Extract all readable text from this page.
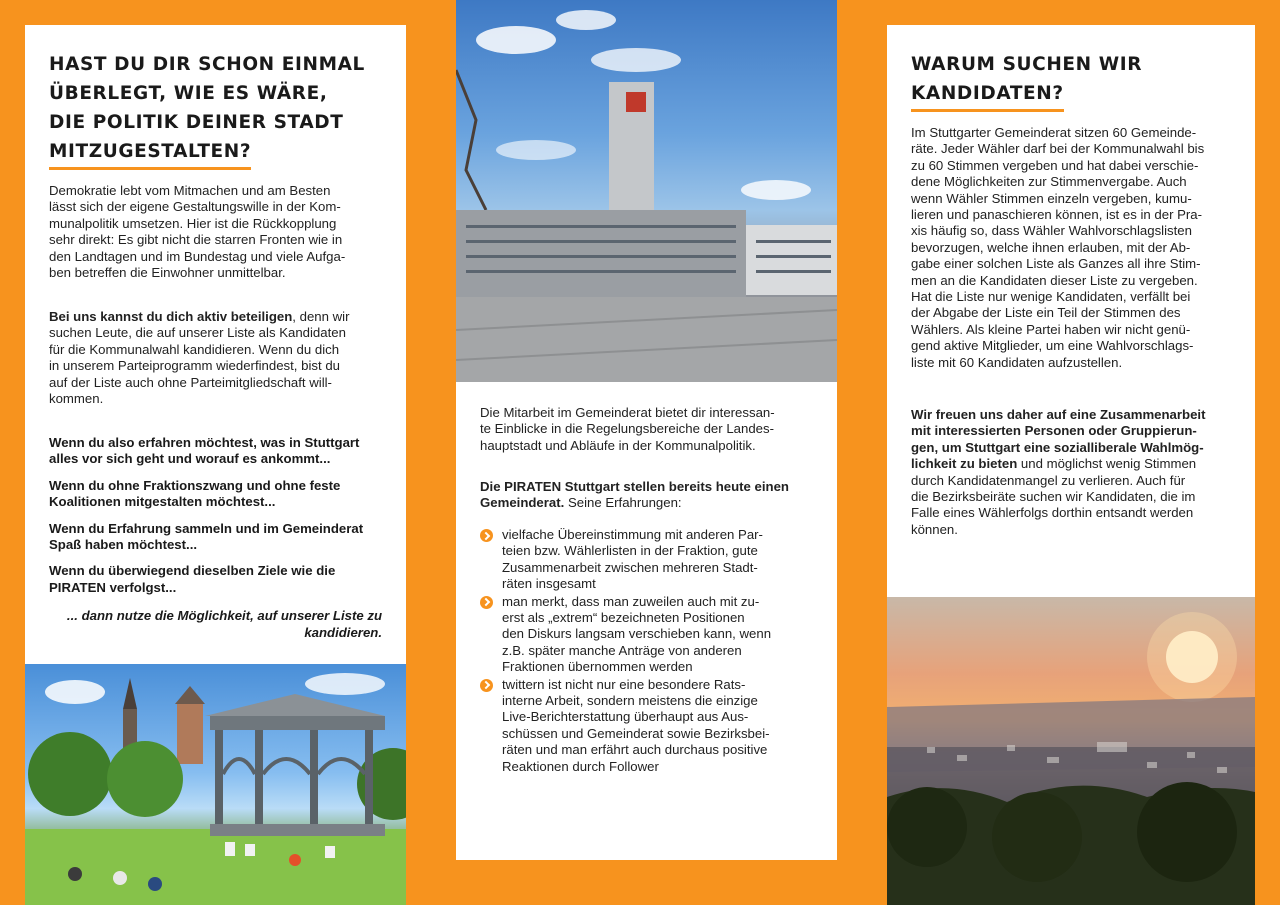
HAST DU DIR SCHON EINMAL
ÜBERLEGT, WIE ES WÄRE,
DIE POLITIK DEINER STADT
MITZUGESTALTEN?

Demokratie lebt vom Mitmachen und am Besten
lässt sich der eigene Gestaltungswille in der Kom-
munalpolitik umsetzen. Hier ist die Rückkopplung
sehr direkt: Es gibt nicht die starren Fronten wie in
den Landtagen und im Bundestag und viele Aufga-
ben betreffen die Einwohner unmittelbar.

Bei uns kannst du dich aktiv beteiligen, denn wir
suchen Leute, die auf unserer Liste als Kandidaten
für die Kommunalwahl kandidieren. Wenn du dich
in unserem Parteiprogramm wiederfindest, bist du
auf der Liste auch ohne Parteimitgliedschaft will-
kommen.

Wenn du also erfahren möchtest, was in Stuttgart
alles vor sich geht und worauf es ankommt...

Wenn du ohne Fraktionszwang und ohne feste
Koalitionen mitgestalten möchtest...

Wenn du Erfahrung sammeln und im Gemeinderat
Spaß haben möchtest...

Wenn du überwiegend dieselben Ziele wie die
PIRATEN verfolgst...

... dann nutze die Möglichkeit, auf unserer Liste zu
kandidieren.

Die Mitarbeit im Gemeinderat bietet dir interessan-
te Einblicke in die Regelungsbereiche der Landes-
hauptstadt und Abläufe in der Kommunalpolitik.

Die PIRATEN Stuttgart stellen bereits heute einen
Gemeinderat. Seine Erfahrungen:

vielfache Übereinstimmung mit anderen Par-
teien bzw. Wählerlisten in der Fraktion, gute
Zusammenarbeit zwischen mehreren Stadt-
räten insgesamt

man merkt, dass man zuweilen auch mit zu-
erst als „extrem“ bezeichneten Positionen
den Diskurs langsam verschieben kann, wenn
z.B. später manche Anträge von anderen
Fraktionen übernommen werden

twittern ist nicht nur eine besondere Rats-
interne Arbeit, sondern meistens die einzige
Live-Berichterstattung überhaupt aus Aus-
schüssen und Gemeinderat sowie Bezirksbei-
räten und man erfährt auch durchaus positive
Reaktionen durch Follower

WARUM SUCHEN WIR
KANDIDATEN?

Im Stuttgarter Gemeinderat sitzen 60 Gemeinde-
räte. Jeder Wähler darf bei der Kommunalwahl bis
zu 60 Stimmen vergeben und hat dabei verschie-
dene Möglichkeiten zur Stimmenvergabe. Auch
wenn Wähler Stimmen einzeln vergeben, kumu-
lieren und panaschieren können, ist es in der Pra-
xis häufig so, dass Wähler Wahlvorschlagslisten
bevorzugen, welche ihnen erlauben, mit der Ab-
gabe einer solchen Liste als Ganzes all ihre Stim-
men an die Kandidaten dieser Liste zu vergeben.
Hat die Liste nur wenige Kandidaten, verfällt bei
der Abgabe der Liste ein Teil der Stimmen des
Wählers. Als kleine Partei haben wir nicht genü-
gend aktive Mitglieder, um eine Wahlvorschlags-
liste mit 60 Kandidaten aufzustellen.

Wir freuen uns daher auf eine Zusammenarbeit
mit interessierten Personen oder Gruppierun-
gen, um Stuttgart eine sozialliberale Wahlmög-
lichkeit zu bieten und möglichst wenig Stimmen
durch Kandidatenmangel zu verlieren. Auch für
die Bezirksbeiräte suchen wir Kandidaten, die im
Falle eines Wählerfolgs dorthin entsandt werden
können.
